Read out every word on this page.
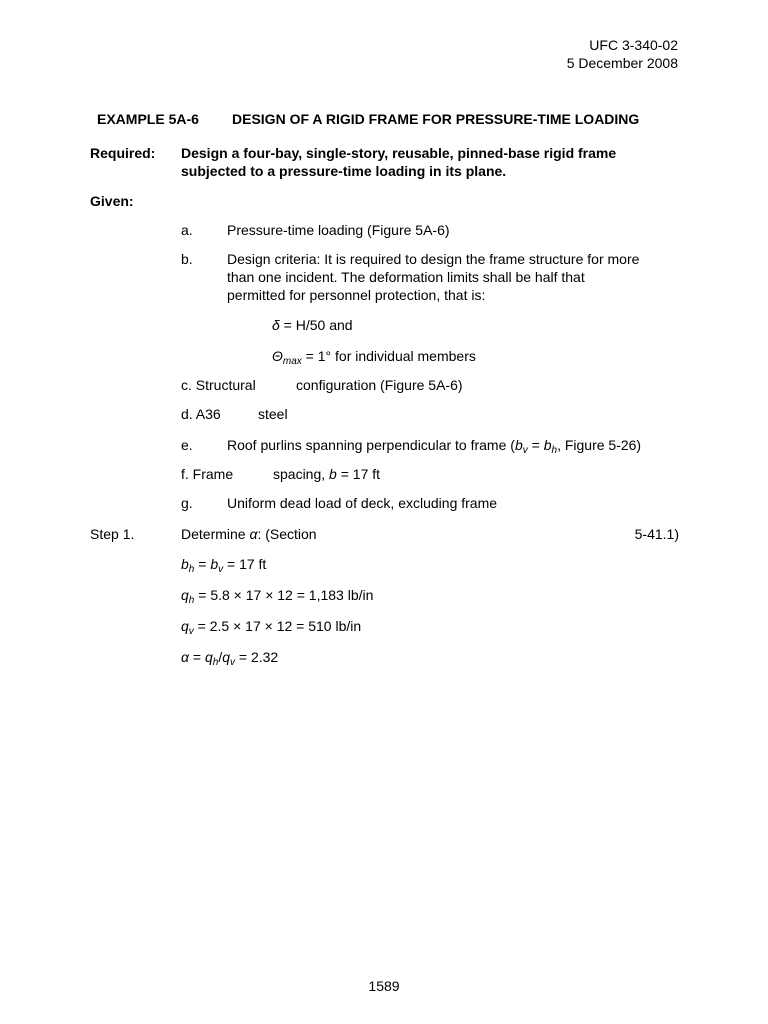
UFC 3-340-02
5 December 2008
EXAMPLE 5A-6 DESIGN OF A RIGID FRAME FOR PRESSURE-TIME LOADING
Required: Design a four-bay, single-story, reusable, pinned-base rigid frame
subjected to a pressure-time loading in its plane.
Given:
a. Pressure-time loading (Figure 5A-6)
b. Design criteria: It is required to design the frame structure for more
than one incident. The deformation limits shall be half that
permitted for personnel protection, that is:
δ = H/50 and
$\Theta_{max} = 1^\circ$ for individual members
c. Structural	configuration (Figure 5A-6)
d. A36	steel
e. Roof purlins spanning perpendicular to frame ($b_v = b_h$, Figure 5-26)
f. Frame	spacing, b = 17 ft
g. Uniform dead load of deck, excluding frame
Step 1.	Determine α: (Section	5-41.1)
$b_h = b_v = 17$ ft
$q_h = 5.8 \times 17 \times 12 = 1,183$ lb/in
$q_v = 2.5 \times 17 \times 12 = 510$ lb/in
$\alpha = q_h/q_v = 2.32$
1589
